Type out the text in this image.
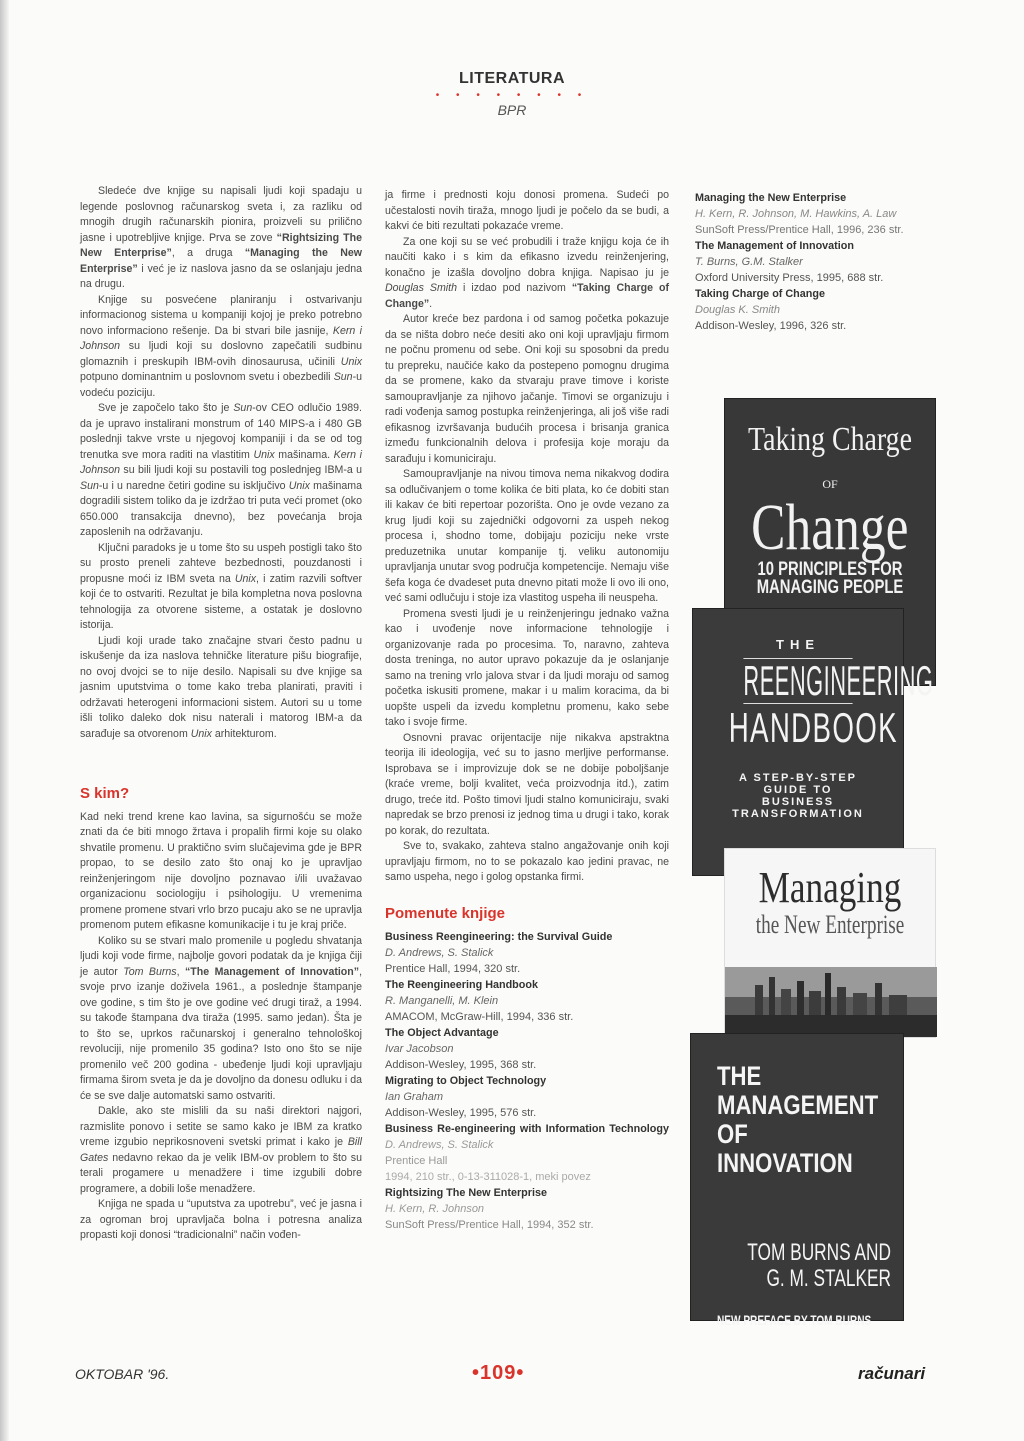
LITERATURA
• • • • • • • •
BPR

Sledeće dve knjige su napisali ljudi koji spadaju u legende poslovnog računarskog sveta i, za razliku od mnogih drugih računarskih pionira, proizveli su prilično jasne i upotrebljive knjige. Prva se zove “Rightsizing The New Enterprise”, a druga “Managing the New Enterprise” i već je iz naslova jasno da se oslanjaju jedna na drugu.

Knjige su posvećene planiranju i ostvarivanju informacionog sistema u kompaniji kojoj je preko potrebno novo informaciono rešenje. Da bi stvari bile jasnije, Kern i Johnson su ljudi koji su doslovno zapečatili sudbinu glomaznih i preskupih IBM-ovih dinosaurusa, učinili Unix potpuno dominantnim u poslovnom svetu i obezbedili Sun-u vodeću poziciju.

Sve je započelo tako što je Sun-ov CEO odlučio 1989. da je upravo instalirani monstrum of 140 MIPS-a i 480 GB poslednji takve vrste u njegovoj kompaniji i da se od tog trenutka sve mora raditi na vlastitim Unix mašinama. Kern i Johnson su bili ljudi koji su postavili tog poslednjeg IBM-a u Sun-u i u naredne četiri godine su isključivo Unix mašinama dogradili sistem toliko da je izdržao tri puta veći promet (oko 650.000 transakcija dnevno), bez povećanja broja zaposlenih na održavanju.

Ključni paradoks je u tome što su uspeh postigli tako što su prosto preneli zahteve bezbednosti, pouzdanosti i propusne moći iz IBM sveta na Unix, i zatim razvili softver koji će to ostvariti. Rezultat je bila kompletna nova poslovna tehnologija za otvorene sisteme, a ostatak je doslovno istorija.

Ljudi koji urade tako značajne stvari često padnu u iskušenje da iza naslova tehničke literature pišu biografije, no ovoj dvojci se to nije desilo. Napisali su dve knjige sa jasnim uputstvima o tome kako treba planirati, praviti i održavati heterogeni informacioni sistem. Autori su u tome išli toliko daleko dok nisu naterali i matorog IBM-a da sarađuje sa otvorenom Unix arhitekturom.

S kim?

Kad neki trend krene kao lavina, sa sigurnošću se može znati da će biti mnogo žrtava i propalih firmi koje su olako shvatile promenu. U praktično svim slučajevima gde je BPR propao, to se desilo zato što onaj ko je upravljao reinženjeringom nije dovoljno poznavao i/ili uvažavao organizacionu sociologiju i psihologiju. U vremenima promene promene stvari vrlo brzo pucaju ako se ne upravlja promenom putem efikasne komunikacije i tu je kraj priče.

Koliko su se stvari malo promenile u pogledu shvatanja ljudi koji vode firme, najbolje govori podatak da je knjiga čiji je autor Tom Burns, “The Management of Innovation”, svoje prvo izanje doživela 1961., a poslednje štampanje ove godine, s tim što je ove godine već drugi tiraž, a 1994. su takođe štampana dva tiraža (1995. samo jedan). Šta je to što se, uprkos računarskoj i generalno tehnološkoj revoluciji, nije promenilo 35 godina? Isto ono što se nije promenilo več 200 godina - ubeđenje ljudi koji upravljaju firmama širom sveta je da je dovoljno da donesu odluku i da će se sve dalje automatski samo ostvariti.

Dakle, ako ste mislili da su naši direktori najgori, razmislite ponovo i setite se samo kako je IBM za kratko vreme izgubio neprikosnoveni svetski primat i kako je Bill Gates nedavno rekao da je velik IBM-ov problem to što su terali progamere u menadžere i time izgubili dobre programere, a dobili loše menadžere.

Knjiga ne spada u “uputstva za upotrebu”, već je jasna i za ogroman broj upravljača bolna i potresna analiza propasti koji donosi “tradicionalni” način vođen-

ja firme i prednosti koju donosi promena. Sudeći po učestalosti novih tiraža, mnogo ljudi je počelo da se budi, a kakvi će biti rezultati pokazaće vreme.

Za one koji su se već probudili i traže knjigu koja će ih naučiti kako i s kim da efikasno izvedu reinženjering, konačno je izašla dovoljno dobra knjiga. Napisao ju je Douglas Smith i izdao pod nazivom “Taking Charge of Change”.

Autor kreće bez pardona i od samog početka pokazuje da se ništa dobro neće desiti ako oni koji upravljaju firmom ne počnu promenu od sebe. Oni koji su sposobni da predu tu prepreku, naučiće kako da postepeno pomognu drugima da se promene, kako da stvaraju prave timove i koriste samoupravljanje za njihovo jačanje. Timovi se organizuju i radi vođenja samog postupka reinženjeringa, ali još više radi efikasnog izvršavanja budućih procesa i brisanja granica između funkcionalnih delova i profesija koje moraju da sarađuju i komuniciraju.

Samoupravljanje na nivou timova nema nikakvog dodira sa odlučivanjem o tome kolika će biti plata, ko će dobiti stan ili kakav će biti repertoar pozorišta. Ono je ovde vezano za krug ljudi koji su zajednički odgovorni za uspeh nekog procesa i, shodno tome, dobijaju poziciju neke vrste preduzetnika unutar kompanije tj. veliku autonomiju upravljanja unutar svog područja kompetencije. Nemaju više šefa koga će dvadeset puta dnevno pitati može li ovo ili ono, već sami odlučuju i stoje iza vlastitog uspeha ili neuspeha.

Promena svesti ljudi je u reinženjeringu jednako važna kao i uvođenje nove informacione tehnologije i organizovanje rada po procesima. To, naravno, zahteva dosta treninga, no autor upravo pokazuje da je oslanjanje samo na trening vrlo jalova stvar i da ljudi moraju od samog početka iskusiti promene, makar i u malim koracima, da bi uopšte uspeli da izvedu kompletnu promenu, kako sebe tako i svoje firme.

Osnovni pravac orijentacije nije nikakva apstraktna teorija ili ideologija, već su to jasno merljive performanse. Isprobava se i improvizuje dok se ne dobije poboljšanje (kraće vreme, bolji kvalitet, veća proizvodnja itd.), zatim drugo, treće itd. Pošto timovi ljudi stalno komuniciraju, svaki napredak se brzo prenosi iz jednog tima u drugi i tako, korak po korak, do rezultata.

Sve to, svakako, zahteva stalno angažovanje onih koji upravljaju firmom, no to se pokazalo kao jedini pravac, ne samo uspeha, nego i golog opstanka firmi.

Pomenute knjige
Business Reengineering: the Survival Guide
D. Andrews, S. Stalick
Prentice Hall, 1994, 320 str.
The Reengineering Handbook
R. Manganelli, M. Klein
AMACOM, McGraw-Hill, 1994, 336 str.
The Object Advantage
Ivar Jacobson
Addison-Wesley, 1995, 368 str.
Migrating to Object Technology
Ian Graham
Addison-Wesley, 1995, 576 str.
Business Re-engineering with Information Technology
D. Andrews, S. Stalick
Prentice Hall
1994, 210 str., 0-13-311028-1, meki povez
Rightsizing The New Enterprise
H. Kern, R. Johnson
SunSoft Press/Prentice Hall, 1994, 352 str.
Managing the New Enterprise
H. Kern, R. Johnson, M. Hawkins, A. Law
SunSoft Press/Prentice Hall, 1996, 236 str.
The Management of Innovation
T. Burns, G.M. Stalker
Oxford University Press, 1995, 688 str.
Taking Charge of Change
Douglas K. Smith
Addison-Wesley, 1996, 326 str.
Taking Charge
OFChange
10 PRINCIPLES FOR
MANAGING PEOPLE
THE
REENGINEERING
HANDBOOK
A STEP-BY-STEP
GUIDE TO
BUSINESS
TRANSFORMATION
Managing
the New Enterprise
THE
MANAGEMENT
OF
INNOVATION
TOM BURNS AND
G. M. STALKER
NEW PREFACE BY TOM BURNS
OKTOBAR '96.	•109•	računari
